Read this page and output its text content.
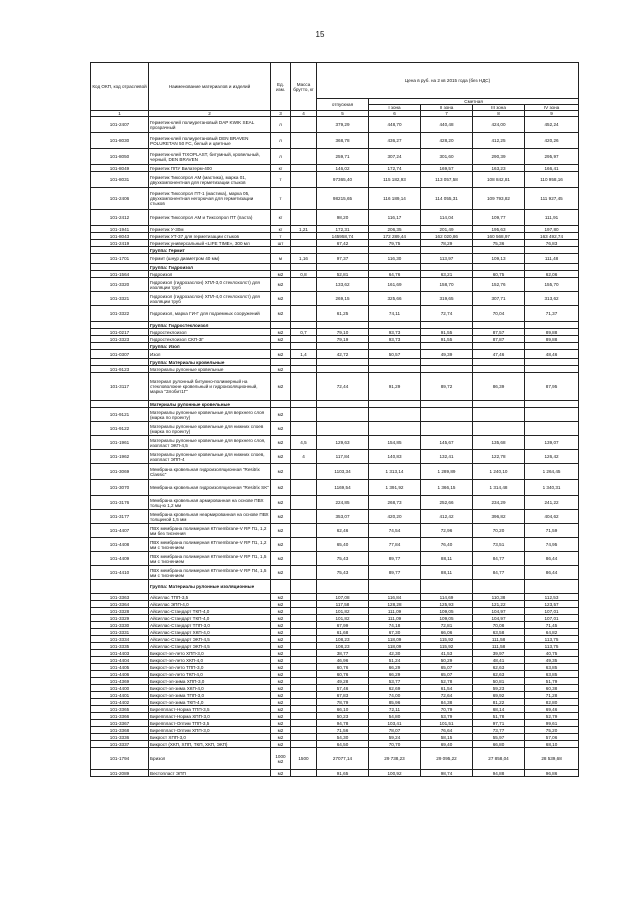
15
Код ОКП, код отраслевой	Наименование материалов и изделий	Ед. изм.	Масса брутто, кг	Цена в руб. на 2 кв 2015 года (без НДС)				
				отпускная	Сметная			
					I зона	II зона	III зона	IV зона
1	2	3	4	5	6	7	8	9
101-2407	Герметик-клей полиуретановый DAP KWIK SEAL прозрачный	л		379,29	448,70	440,48	424,00	452,24
101-8030	Герметик-клей полиуретановый DEN BRAVEN POLURETAN 50 FC, белый и цветные	л		368,78	436,27	428,20	412,25	420,26
101-8050	Герметик-клей TIXOPLAST, битумный, кровельный, черный, DEN BRAVEN	л		259,71	307,24	301,60	290,39	295,97
101-8049	Герметик ППУ Вилатерм-400	кг		146,02	172,74	169,57	163,23	166,41
101-8031	Герметик Тиксопрол АМ (мастика), марка 01, двухкомпонентная для герметизации стыков	т		97365,40	115 182,93	113 057,58	108 842,81	110 958,16
101-2406	Герметик Тиксопрол ПТ-1 (мастика), марка 05, двухкомпонентная негорючая для герметизации стыков	т		98215,65	116 189,14	114 055,31	109 793,82	111 927,45
101-2412	Герметик Тиксопрол АМ и Тиксопрол ПТ (паста)	кг		98,20	116,17	114,04	109,77	111,91
101-1941	Герметик У-30м	кг	1,21	172,31	206,35	201,49	195,63	197,80
101-8043	Герметик УТ-37 для герметизации стыков	т		145958,74	172 289,44	162 020,86	160 568,97	163 492,74
101-2419	Герметик универсальный «LIFE TIME», 300 мл	шт		67,42	79,75	78,29	75,36	76,83
	Группа: Гермит							
101-1701	Гермит (шнур диаметром 40 мм)	м	1,16	97,37	116,30	113,97	109,13	111,48
	Группа: Гидроизол							
101-1564	Гидроизол	м2	0,8	52,81	64,76	63,21	60,75	62,06
101-3320	Гидроизол (гидрозаслон) ХПЛ-3,0 стеклохолст) для изоляции труб	м2		133,62	161,69	158,70	152,76	155,70
101-3321	Гидроизол (гидрозаслон) ХПЛ-4,0 стеклохолст) для изоляции труб	м2		269,15	325,66	319,65	307,71	313,62
101-3322	Гидроизол, марка ГИ-Г для подземных сооружений	м2		61,25	74,11	72,74	70,04	71,37
	Группа: Гидростеклоизол							
101-0217	Гидростеклоизол	м2	0,7	79,10	93,73	91,55	87,57	89,88
101-3323	Гидростеклоизол СКП-3Г	м2		79,19	93,73	91,55	87,87	89,88
	Группа: Изол							
101-0307	Изол	м2	1,4	42,72	50,57	49,39	47,46	48,46
	Группа: Материалы кровельные							
101-9123	Материалы рулонные кровельные	м2						
101-3117	Материал рулонный битумно-полимерный на стекловолокне кровельный и гидроизоляционный, марка "Злобит1Г"	м2		72,44	91,29	89,72	86,39	87,95
	Материалы рулонные кровельные							
101-9121	Материалы рулонные кровельные для верхнего слоя (марка по проекту)	м2						
101-9122	Материалы рулонные кровельные для нижних слоев (марка по проекту)	м2						
101-1961	Материалы рулонные кровельные для верхнего слоя, изопласт ЭКП-4,5	м2	4,5	129,63	154,85	145,67	135,68	139,07
101-1962	Материалы рулонные кровельные для нижних слоев, изопласт ЭПП-4	м2	4	117,84	140,83	132,41	122,78	126,42
101-3069	Мембрана кровельная гидроизоляционная "Resitrix Classic"	м2		1103,34	1 313,14	1 289,89	1 240,10	1 264,45
101-3070	Мембрана кровельная гидроизоляционная "Resitrix SK"	м2		1169,54	1 391,92	1 366,15	1 314,48	1 340,31
101-3176	Мембрана кровельная армированная на основе ПВХ толщ-ю 1,2 мм	м2		224,85	268,73	252,66	234,29	241,22
101-3177	Мембрана кровельная неармированная на основе ПВХ толщиной 1,5 мм	м2		353,07	420,20	412,42	396,82	404,62
101-4407	ПВХ мембрана полимерная КTmembrane-V RP П1, 1,2 мм без тиснения	м2		62,46	74,54	72,96	70,20	71,59
101-4408	ПВХ мембрана полимерная КTmembrane-V RP П1, 1,2 мм с тиснением	м2		65,40	77,84	76,40	73,51	74,95
101-4409	ПВХ мембрана полимерная КTmembrane-V RP П1, 1,5 мм с тиснением	м2		75,43	89,77	88,11	84,77	86,44
101-4410	ПВХ мембрана полимерная КTmembrane-V RP П4, 1,5 мм с тиснением	м2		75,43	89,77	88,11	84,77	86,44
	Группа: Материалы рулонные изоляционные							
101-3363	Айсиглас ТПП-3,5	м2		107,08	116,84	114,69	110,38	112,53
101-3364	Айсиглас ЭПП-4,0	м2		117,58	128,28	125,93	121,22	123,57
101-3328	Айсиглас-Стандарт ТКП-4,0	м2		101,82	111,09	109,05	104,97	107,01
101-3329	Айсиглас-Стандарт ТКП-4,0	м2		101,82	111,09	109,05	104,97	107,01
101-3330	Айсиглас-Стандарт ТПП-3,0	м2		67,99	74,18	72,81	70,08	71,45
101-3331	Айсиглас-Стандарт ХКП-4,0	м2		61,68	67,30	66,06	63,58	64,82
101-3334	Айсиглас-Стандарт ЭКП-4,5	м2		108,23	118,09	115,92	111,58	113,75
101-3335	Айсиглас-Стандарт ЭКП-4,5	м2		108,23	118,09	115,92	111,58	113,75
101-4403	Бикрост-эл-лето ХПП-3,0	м2		38,77	42,30	41,53	39,97	40,75
101-4404	Бикрост-эл-лето ХКП-4,0	м2		46,96	51,24	50,29	48,41	49,35
101-4405	Бикрост-эл-лето ТПП-3,0	м2		60,76	66,29	65,07	62,63	63,85
101-4406	Бикрост-эл-лето ТКП-4,0	м2		60,76	66,29	65,07	62,63	63,85
101-4369	Бикрост-эл-зима ХПП-3,0	м2		49,28	53,77	52,78	50,81	51,79
101-4400	Бикрост-эл-зима ХКП-4,0	м2		57,46	62,69	61,54	59,23	60,38
101-4401	Бикрост-эл-зима ТПП-3,0	м2		67,83	74,00	72,64	69,92	71,28
101-4402	Бикрост-эл-зима ТКП-4,0	м2		78,79	85,96	84,38	81,22	82,80
101-3365	Биреппласт-Норма ТПП-3,5	м2		66,10	72,11	70,79	68,14	69,46
101-3366	Биреппласт-Норма ХПП-3,0	м2		50,23	54,80	53,79	51,78	52,79
101-3367	Биреппласт-Оптим ТПП-3,5	м2		94,78	103,41	101,51	97,71	99,61
101-3368	Биреппласт-Оптим ХПП-3,0	м2		71,56	78,07	76,64	73,77	75,20
101-3336	Бикрост ХПП-3,0	м2		54,30	59,24	58,15	55,97	57,06
101-3337	Бикрост (ХКП, ХПП, ТКП, ХКП, ЭКП)	м2		64,50	70,70	69,40	66,80	68,10
101-1794	Бризол	1000 м2	1500	27077,14	29 738,23	29 095,22	27 858,04	28 539,68
101-2089	Вестопласт ЭПП	м2		91,65	100,92	98,74	94,88	96,86
